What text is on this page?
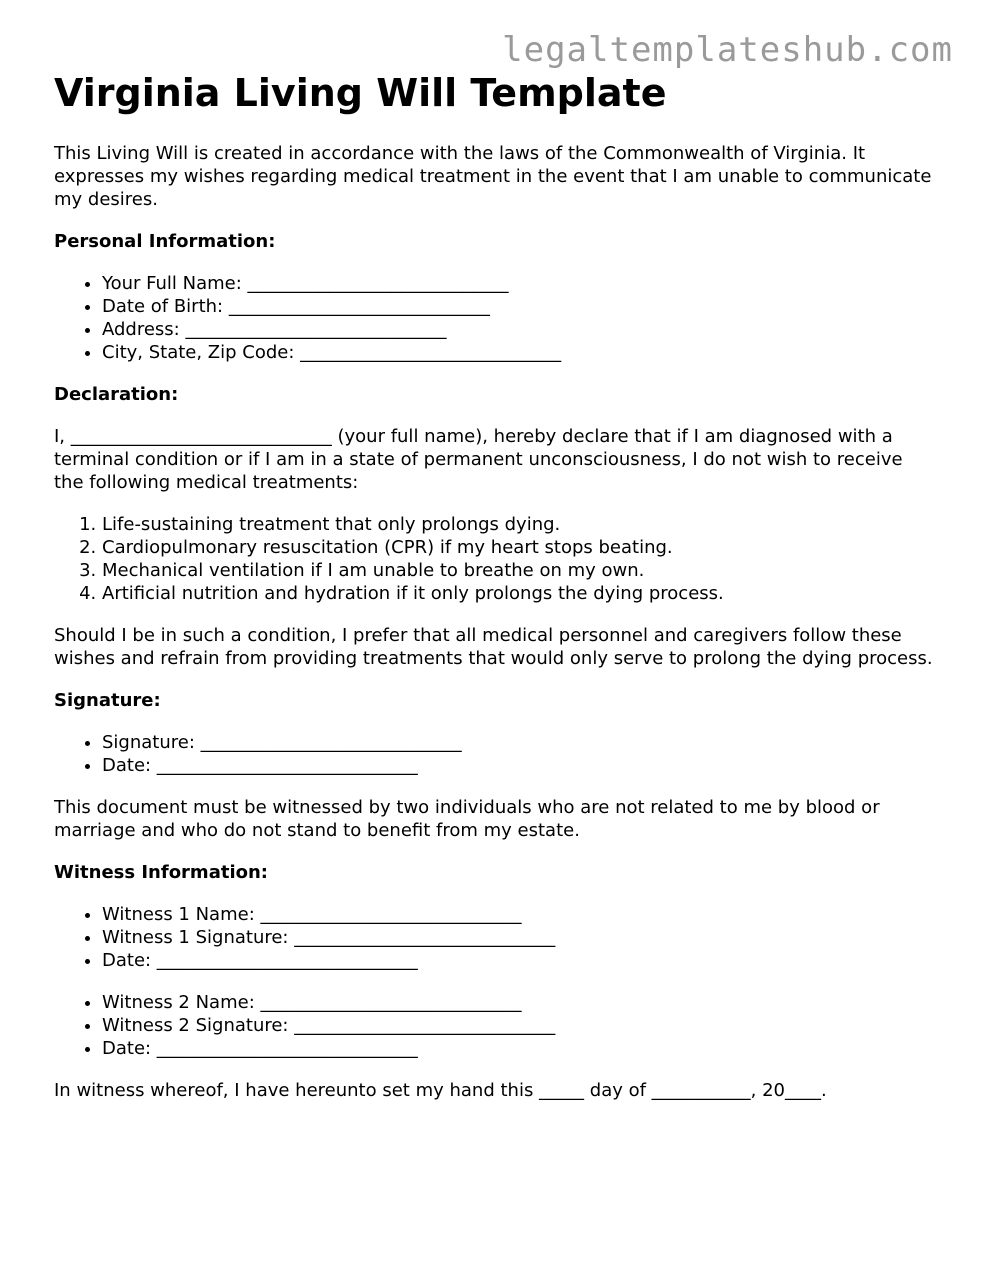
legaltemplateshub.com
Virginia Living Will Template

This Living Will is created in accordance with the laws of the Commonwealth of Virginia. It expresses my wishes regarding medical treatment in the event that I am unable to communicate my desires.

Personal Information:
• Your Full Name: _____________________________
• Date of Birth: _____________________________
• Address: _____________________________
• City, State, Zip Code: _____________________________
Declaration:

I, _____________________________ (your full name), hereby declare that if I am diagnosed with a terminal condition or if I am in a state of permanent unconsciousness, I do not wish to receive the following medical treatments:

1. Life-sustaining treatment that only prolongs dying.
2. Cardiopulmonary resuscitation (CPR) if my heart stops beating.
3. Mechanical ventilation if I am unable to breathe on my own.
4. Artificial nutrition and hydration if it only prolongs the dying process.

Should I be in such a condition, I prefer that all medical personnel and caregivers follow these wishes and refrain from providing treatments that would only serve to prolong the dying process.

Signature:
• Signature: _____________________________
• Date: _____________________________

This document must be witnessed by two individuals who are not related to me by blood or marriage and who do not stand to benefit from my estate.

Witness Information:
• Witness 1 Name: _____________________________
• Witness 1 Signature: _____________________________
• Date: _____________________________
• Witness 2 Name: _____________________________
• Witness 2 Signature: _____________________________
• Date: _____________________________

In witness whereof, I have hereunto set my hand this _____ day of ___________, 20____.
